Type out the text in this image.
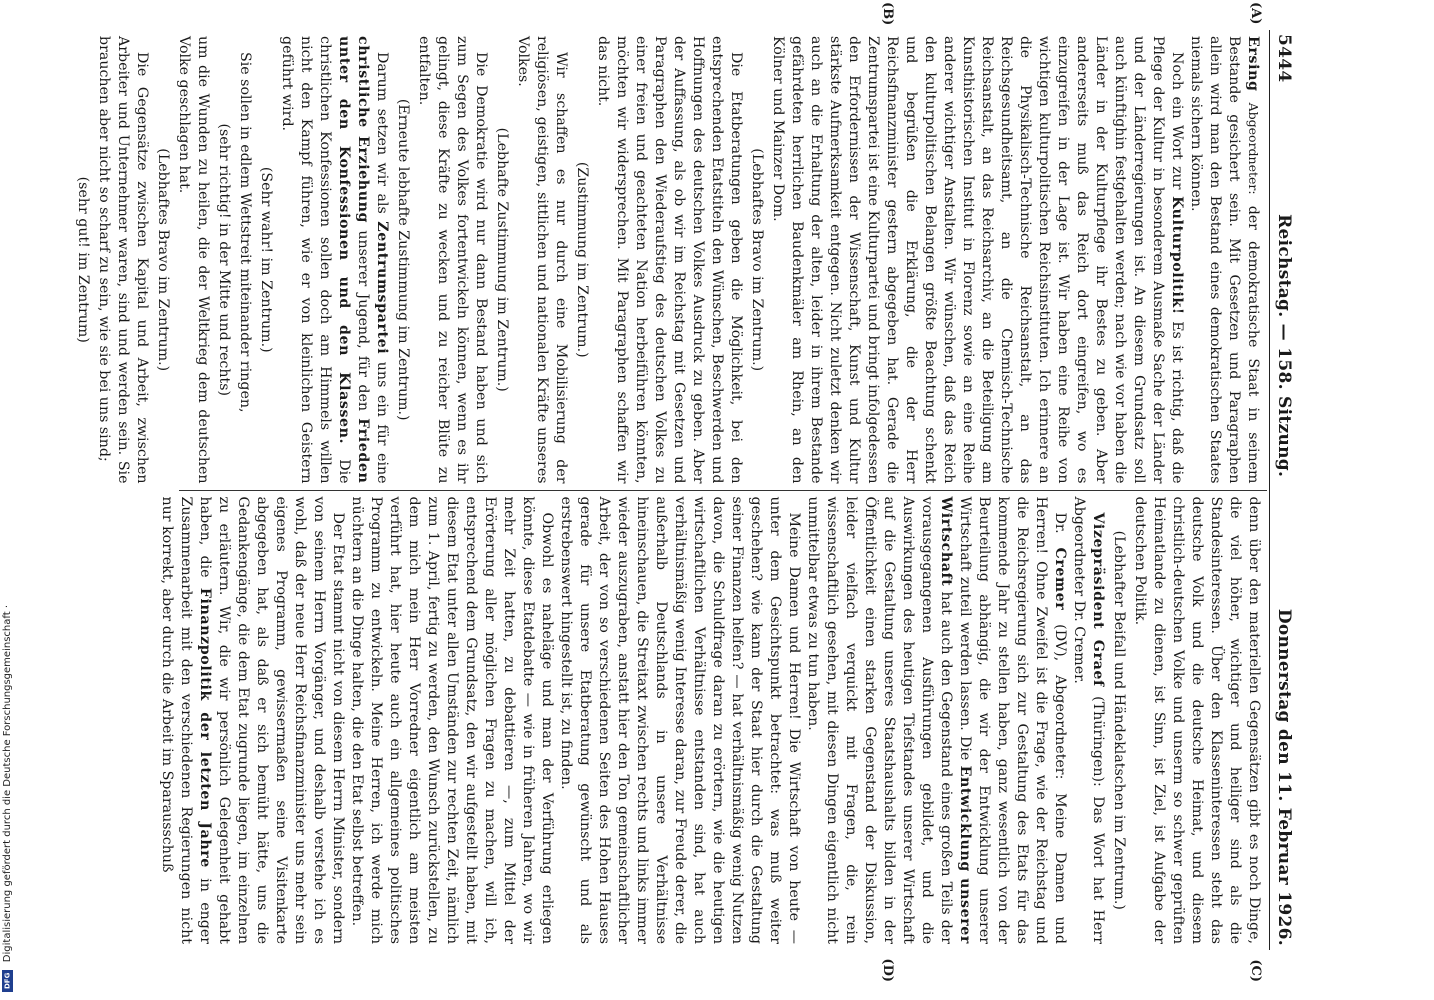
5444
Reichstag. — 158. Sitzung.
Donnerstag den 11. Februar 1926.
(A)
(B)

Ersing Abgeordneter: der demokratische Staat in seinem Bestande gesichert sein. Mit Gesetzen und Paragraphen allein wird man den Bestand eines demokratischen Staates niemals sichern können.

Noch ein Wort zur Kulturpolitik! Es ist richtig, daß die Pflege der Kultur in besonderem Ausmaße Sache der Länder und der Länderregierungen ist. An diesem Grundsatz soll auch künftighin festgehalten werden; nach wie vor haben die Länder in der Kulturpflege ihr Bestes zu geben. Aber andererseits muß das Reich dort eingreifen, wo es einzugreifen in der Lage ist. Wir haben eine Reihe von wichtigen kulturpolitischen Reichsinstituten. Ich erinnere an die Physikalisch-Technische Reichsanstalt, an das Reichsgesundheitsamt, an die Chemisch-Technische Reichsanstalt, an das Reichsarchiv, an die Beteiligung am Kunsthistorischen Institut in Florenz sowie an eine Reihe anderer wichtiger Anstalten. Wir wünschen, daß das Reich den kulturpolitischen Belangen größte Beachtung schenkt und begrüßen die Erklärung, die der Herr Reichsfinanzminister gestern abgegeben hat. Gerade die Zentrumspartei ist eine Kulturpartei und bringt infolgedessen den Erfordernissen der Wissenschaft, Kunst und Kultur stärkste Aufmerksamkeit entgegen. Nicht zuletzt denken wir auch an die Erhaltung der alten, leider in ihrem Bestande gefährdeten herrlichen Baudenkmäler am Rhein, an den Kölner und Mainzer Dom.

(Lebhaftes Bravo im Zentrum.)

Die Etatberatungen geben die Möglichkeit, bei den entsprechenden Etatstiteln den Wünschen, Beschwerden und Hoffnungen des deutschen Volkes Ausdruck zu geben. Aber der Auffassung, als ob wir im Reichstag mit Gesetzen und Paragraphen den Wiederaufstieg des deutschen Volkes zu einer freien und geachteten Nation herbeiführen könnten, möchten wir widersprechen. Mit Paragraphen schaffen wir das nicht.

(Zustimmung im Zentrum.)

Wir schaffen es nur durch eine Mobilisierung der religiösen, geistigen, sittlichen und nationalen Kräfte unseres Volkes.

(Lebhafte Zustimmung im Zentrum.)

Die Demokratie wird nur dann Bestand haben und sich zum Segen des Volkes fortentwickeln können, wenn es ihr gelingt, diese Kräfte zu wecken und zu reicher Blüte zu entfalten.

(Erneute lebhafte Zustimmung im Zentrum.)

Darum setzen wir als Zentrumspartei uns ein für eine christliche Erziehung unserer Jugend, für den Frieden unter den Konfessionen und den Klassen. Die christlichen Konfessionen sollen doch am Himmels willen nicht den Kampf führen, wie er von kleinlichen Geistern geführt wird.

(Sehr wahr! im Zentrum.)

Sie sollen in edlem Wettstreit miteinander ringen,

(sehr richtig! in der Mitte und rechts)

um die Wunden zu heilen, die der Weltkrieg dem deutschen Volke geschlagen hat.

(Lebhaftes Bravo im Zentrum.)

Die Gegensätze zwischen Kapital und Arbeit, zwischen Arbeiter und Unternehmer waren, sind und werden sein. Sie brauchen aber nicht so scharf zu sein, wie sie bei uns sind;

(sehr gut! im Zentrum)

(C)
(D)

denn über den materiellen Gegensätzen gibt es noch Dinge, die viel höher, wichtiger und heiliger sind als die Standesinteressen. Über den Klasseninteressen steht das deutsche Volk und die deutsche Heimat, und diesem christlich-deutschen Volke und unserm so schwer geprüften Heimatlande zu dienen, ist Sinn, ist Ziel, ist Aufgabe der deutschen Politik.

(Lebhafter Beifall und Händeklatschen im Zentrum.)

Vizepräsident Graef (Thüringen): Das Wort hat Herr Abgeordneter Dr. Cremer.

Dr. Cremer (DV), Abgeordneter: Meine Damen und Herren! Ohne Zweifel ist die Frage, wie der Reichstag und die Reichsregierung sich zur Gestaltung des Etats für das kommende Jahr zu stellen haben, ganz wesentlich von der Beurteilung abhängig, die wir der Entwicklung unserer Wirtschaft zuteil werden lassen. Die Entwicklung unserer Wirtschaft hat auch den Gegenstand eines großen Teils der vorausgegangenen Ausführungen gebildet, und die Auswirkungen des heutigen Tiefstandes unserer Wirtschaft auf die Gestaltung unseres Staatshaushalts bilden in der Öffentlichkeit einen starken Gegenstand der Diskussion, leider vielfach verquickt mit Fragen, die, rein wissenschaftlich gesehen, mit diesen Dingen eigentlich nicht unmittelbar etwas zu tun haben.

Meine Damen und Herren! Die Wirtschaft von heute — unter dem Gesichtspunkt betrachtet: was muß weiter geschehen? wie kann der Staat hier durch die Gestaltung seiner Finanzen helfen? — hat verhältnismäßig wenig Nutzen davon, die Schuldfrage daran zu erörtern, wie die heutigen wirtschaftlichen Verhältnisse entstanden sind, hat auch verhältnismäßig wenig Interesse daran, zur Freude derer, die außerhalb Deutschlands in unsere Verhältnisse hineinschauen, die Streitaxt zwischen rechts und links immer wieder auszugraben, anstatt hier den Ton gemeinschaftlicher Arbeit, der von so verschiedenen Seiten des Hohen Hauses gerade für unsere Etatberatung gewünscht und als erstrebenswert hingestellt ist, zu finden.

Obwohl es naheläge und man der Verführung erliegen könnte, diese Etatdebatte — wie in früheren Jahren, wo wir mehr Zeit hatten, zu debattieren —, zum Mittel der Erörterung aller möglichen Fragen zu machen, will ich, entsprechend dem Grundsatz, den wir aufgestellt haben, mit diesem Etat unter allen Umständen zur rechten Zeit, nämlich zum 1. April, fertig zu werden, den Wunsch zurückstellen, zu dem mich mein Herr Vorredner eigentlich am meisten verführt hat, hier heute auch ein allgemeines politisches Programm zu entwickeln. Meine Herren, ich werde mich nüchtern an die Dinge halten, die den Etat selbst betreffen.

Der Etat stammt nicht von diesem Herrn Minister, sondern von seinem Herrn Vorgänger, und deshalb verstehe ich es wohl, daß der neue Herr Reichsfinanzminister uns mehr sein eigenes Programm, gewissermaßen seine Visitenkarte abgegeben hat, als daß er sich bemüht hätte, uns die Gedankengänge, die dem Etat zugrunde liegen, im einzelnen zu erläutern. Wir, die wir persönlich Gelegenheit gehabt haben, die Finanzpolitik der letzten Jahre in enger Zusammenarbeit mit den verschiedenen Regierungen nicht nur korrekt, aber durch die Arbeit im Sparausschuß

Digitalisierung gefördert durch die Deutsche Forschungsgemeinschaft ·
DFG
